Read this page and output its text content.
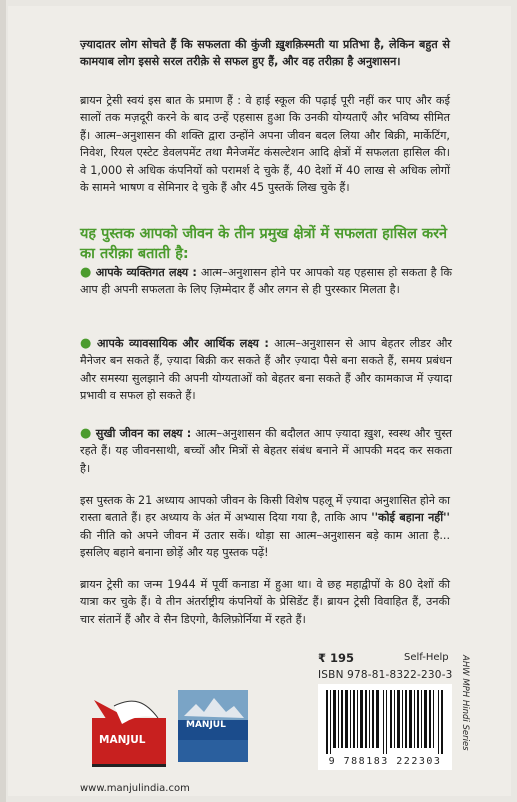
ज़्यादातर लोग सोचते हैं कि सफलता की कुंजी ख़ुशक़िस्मती या प्रतिभा है, लेकिन बहुत से कामयाब लोग इससे सरल तरीक़े से सफल हुए हैं, और वह तरीक़ा है अनुशासन।

ब्रायन ट्रेसी स्वयं इस बात के प्रमाण हैं : वे हाई स्कूल की पढ़ाई पूरी नहीं कर पाए और कई सालों तक मज़दूरी करने के बाद उन्हें एहसास हुआ कि उनकी योग्यताएँ और भविष्य सीमित हैं। आत्म–अनुशासन की शक्ति द्वारा उन्होंने अपना जीवन बदल लिया और बिक्री, मार्केटिंग, निवेश, रियल एस्टेट डेवलपमेंट तथा मैनेजमेंट कंसल्टेशन आदि क्षेत्रों में सफलता हासिल की। वे 1,000 से अधिक कंपनियों को परामर्श दे चुके हैं, 40 देशों में 40 लाख से अधिक लोगों के सामने भाषण व सेमिनार दे चुके हैं और 45 पुस्तकें लिख चुके हैं।

यह पुस्तक आपको जीवन के तीन प्रमुख क्षेत्रों में सफलता हासिल करने का तरीक़ा बताती है:

● आपके व्यक्तिगत लक्ष्य : आत्म–अनुशासन होने पर आपको यह एहसास हो सकता है कि आप ही अपनी सफलता के लिए ज़िम्मेदार हैं और लगन से ही पुरस्कार मिलता है।

● आपके व्यावसायिक और आर्थिक लक्ष्य : आत्म–अनुशासन से आप बेहतर लीडर और मैनेजर बन सकते हैं, ज़्यादा बिक्री कर सकते हैं और ज़्यादा पैसे बना सकते हैं, समय प्रबंधन और समस्या सुलझाने की अपनी योग्यताओं को बेहतर बना सकते हैं और कामकाज में ज़्यादा प्रभावी व सफल हो सकते हैं।

● सुखी जीवन का लक्ष्य : आत्म–अनुशासन की बदौलत आप ज़्यादा ख़ुश, स्वस्थ और चुस्त रहते हैं। यह जीवनसाथी, बच्चों और मित्रों से बेहतर संबंध बनाने में आपकी मदद कर सकता है।

इस पुस्तक के 21 अध्याय आपको जीवन के किसी विशेष पहलू में ज़्यादा अनुशासित होने का रास्ता बताते हैं। हर अध्याय के अंत में अभ्यास दिया गया है, ताकि आप ''कोई बहाना नहीं'' की नीति को अपने जीवन में उतार सकें। थोड़ा सा आत्म–अनुशासन बड़े काम आता है... इसलिए बहाने बनाना छोड़ें और यह पुस्तक पढ़ें!

ब्रायन ट्रेसी का जन्म 1944 में पूर्वी कनाडा में हुआ था। वे छह महाद्वीपों के 80 देशों की यात्रा कर चुके हैं। वे तीन अंतर्राष्ट्रीय कंपनियों के प्रेसिडेंट हैं। ब्रायन ट्रेसी विवाहित हैं, उनकी चार संतानें हैं और वे सैन डिएगो, कैलिफ़ोर्निया में रहते हैं।

₹ 195	Self-Help
ISBN 978-81-8322-230-3 AHW MPH Hindi Series
9 788183 222303
MANJUL
MANJUL
www.manjulindia.com
